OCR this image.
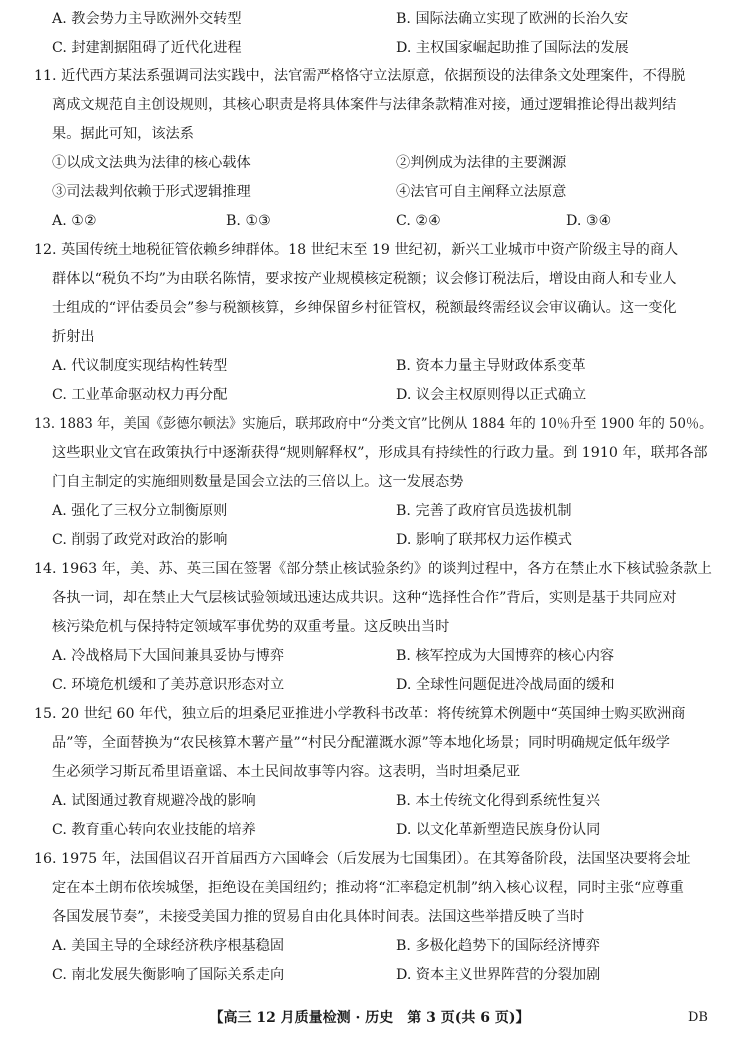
A. 教会势力主导欧洲外交转型	B. 国际法确立实现了欧洲的长治久安
C. 封建割据阻碍了近代化进程	D. 主权国家崛起助推了国际法的发展
11. 近代西方某法系强调司法实践中，法官需严格恪守立法原意，依据预设的法律条文处理案件，不得脱
离成文规范自主创设规则，其核心职责是将具体案件与法律条款精准对接，通过逻辑推论得出裁判结
果。据此可知，该法系
①以成文法典为法律的核心载体	②判例成为法律的主要渊源
③司法裁判依赖于形式逻辑推理	④法官可自主阐释立法原意
A. ①②	B. ①③	C. ②④	D. ③④
12. 英国传统土地税征管依赖乡绅群体。18 世纪末至 19 世纪初，新兴工业城市中资产阶级主导的商人
群体以“税负不均”为由联名陈情，要求按产业规模核定税额；议会修订税法后，增设由商人和专业人
士组成的“评估委员会”参与税额核算，乡绅保留乡村征管权，税额最终需经议会审议确认。这一变化
折射出
A. 代议制度实现结构性转型	B. 资本力量主导财政体系变革
C. 工业革命驱动权力再分配	D. 议会主权原则得以正式确立
13. 1883 年，美国《彭德尔顿法》实施后，联邦政府中“分类文官”比例从 1884 年的 10％升至 1900 年的 50％。
这些职业文官在政策执行中逐渐获得“规则解释权”，形成具有持续性的行政力量。到 1910 年，联邦各部
门自主制定的实施细则数量是国会立法的三倍以上。这一发展态势
A. 强化了三权分立制衡原则	B. 完善了政府官员选拔机制
C. 削弱了政党对政治的影响	D. 影响了联邦权力运作模式
14. 1963 年，美、苏、英三国在签署《部分禁止核试验条约》的谈判过程中，各方在禁止水下核试验条款上
各执一词，却在禁止大气层核试验领域迅速达成共识。这种“选择性合作”背后，实则是基于共同应对
核污染危机与保持特定领域军事优势的双重考量。这反映出当时
A. 冷战格局下大国间兼具妥协与博弈	B. 核军控成为大国博弈的核心内容
C. 环境危机缓和了美苏意识形态对立	D. 全球性问题促进冷战局面的缓和
15. 20 世纪 60 年代，独立后的坦桑尼亚推进小学教科书改革：将传统算术例题中“英国绅士购买欧洲商
品”等，全面替换为“农民核算木薯产量”“村民分配灌溉水源”等本地化场景；同时明确规定低年级学
生必须学习斯瓦希里语童谣、本土民间故事等内容。这表明，当时坦桑尼亚
A. 试图通过教育规避冷战的影响	B. 本土传统文化得到系统性复兴
C. 教育重心转向农业技能的培养	D. 以文化革新塑造民族身份认同
16. 1975 年，法国倡议召开首届西方六国峰会（后发展为七国集团）。在其筹备阶段，法国坚决要将会址
定在本土朗布依埃城堡，拒绝设在美国纽约；推动将“汇率稳定机制”纳入核心议程，同时主张“应尊重
各国发展节奏”，未接受美国力推的贸易自由化具体时间表。法国这些举措反映了当时
A. 美国主导的全球经济秩序根基稳固	B. 多极化趋势下的国际经济博弈
C. 南北发展失衡影响了国际关系走向	D. 资本主义世界阵营的分裂加剧
【高三 12 月质量检测 · 历史　第 3 页(共 6 页)】	DB
